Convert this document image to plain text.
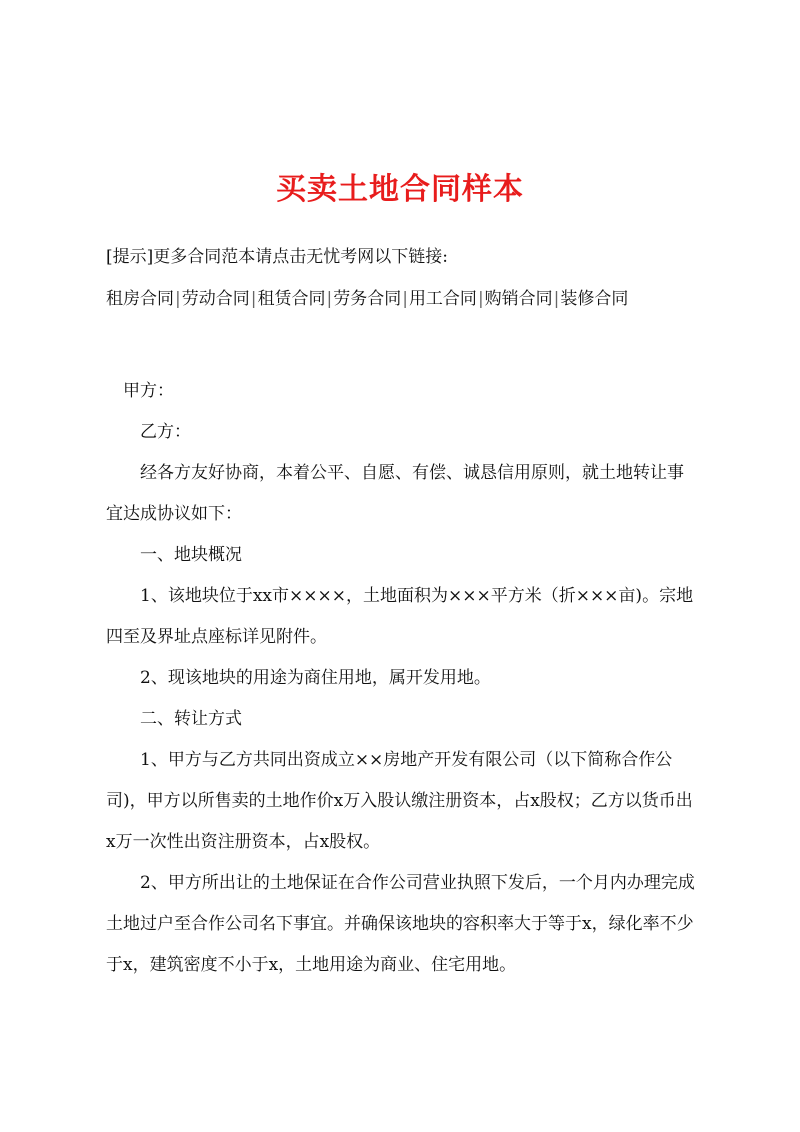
买卖土地合同样本
[提示]更多合同范本请点击无忧考网以下链接:
租房合同|劳动合同|租赁合同|劳务合同|用工合同|购销合同|装修合同

甲方：

乙方：

经各方友好协商，本着公平、自愿、有偿、诚恳信用原则，就土地转让事宜达成协议如下：

一、地块概况

1、该地块位于xx市××××，土地面积为×××平方米（折×××亩)。宗地四至及界址点座标详见附件。

2、现该地块的用途为商住用地，属开发用地。

二、转让方式

1、甲方与乙方共同出资成立××房地产开发有限公司（以下简称合作公司)，甲方以所售卖的土地作价x万入股认缴注册资本，占x股权；乙方以货币出x万一次性出资注册资本，占x股权。

2、甲方所出让的土地保证在合作公司营业执照下发后，一个月内办理完成土地过户至合作公司名下事宜。并确保该地块的容积率大于等于x，绿化率不少于x，建筑密度不小于x，土地用途为商业、住宅用地。
